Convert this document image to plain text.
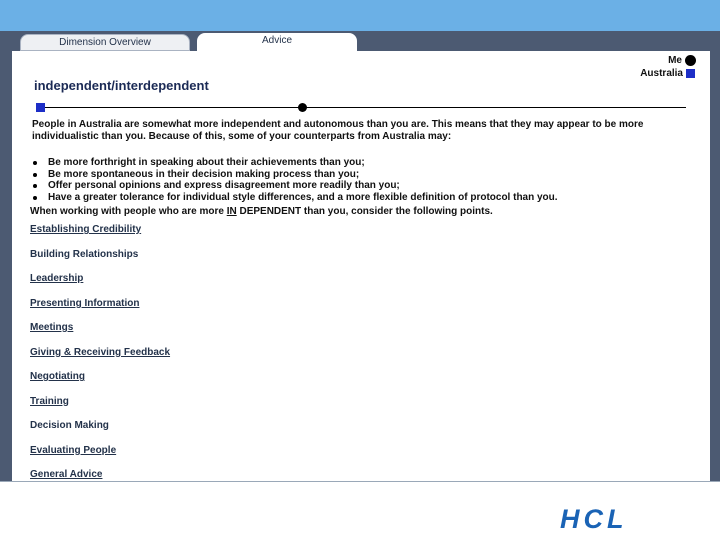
Dimension Overview	Advice
Me
Australia
independent/interdependent
People in Australia are somewhat more independent and autonomous than you are. This means that they may appear to be more individualistic than you. Because of this, some of your counterparts from Australia may:
Be more forthright in speaking about their achievements than you;
Be more spontaneous in their decision making process than you;
Offer personal opinions and express disagreement more readily than you;
Have a greater tolerance for individual style differences, and a more flexible definition of protocol than you.
When working with people who are more IN DEPENDENT than you, consider the following points.
Establishing Credibility
Building Relationships
Leadership
Presenting Information
Meetings
Giving & Receiving Feedback
Negotiating
Training
Decision Making
Evaluating People
General Advice
HCL
